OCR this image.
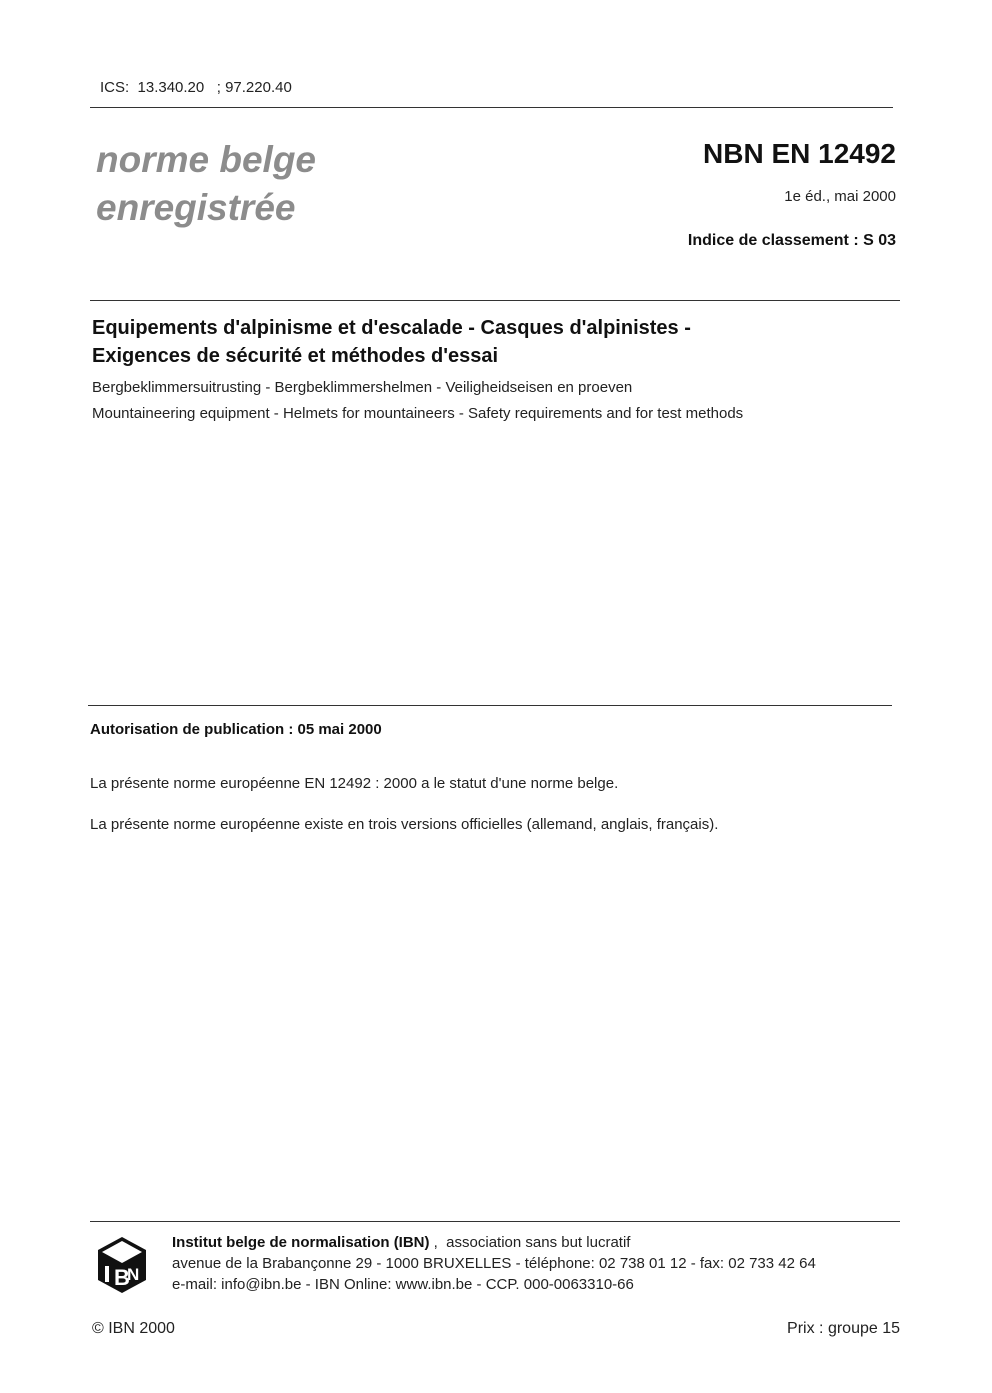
ICS:  13.340.20   ; 97.220.40
norme belge
enregistrée
NBN EN 12492
1e éd., mai 2000
Indice de classement : S 03
Equipements d'alpinisme et d'escalade - Casques d'alpinistes -
Exigences de sécurité et méthodes d'essai
Bergbeklimmersuitrusting - Bergbeklimmershelmen - Veiligheidseisen en proeven
Mountaineering equipment - Helmets for mountaineers - Safety requirements and for test methods
Autorisation de publication : 05 mai 2000
La présente norme européenne EN 12492 : 2000 a le statut d'une norme belge.
La présente norme européenne existe en trois versions officielles (allemand, anglais, français).
B
N
Institut belge de normalisation (IBN) ,  association sans but lucratif
avenue de la Brabançonne 29 - 1000 BRUXELLES - téléphone: 02 738 01 12 - fax: 02 733 42 64
e-mail: info@ibn.be - IBN Online: www.ibn.be - CCP. 000-0063310-66
© IBN 2000	Prix : groupe 15
